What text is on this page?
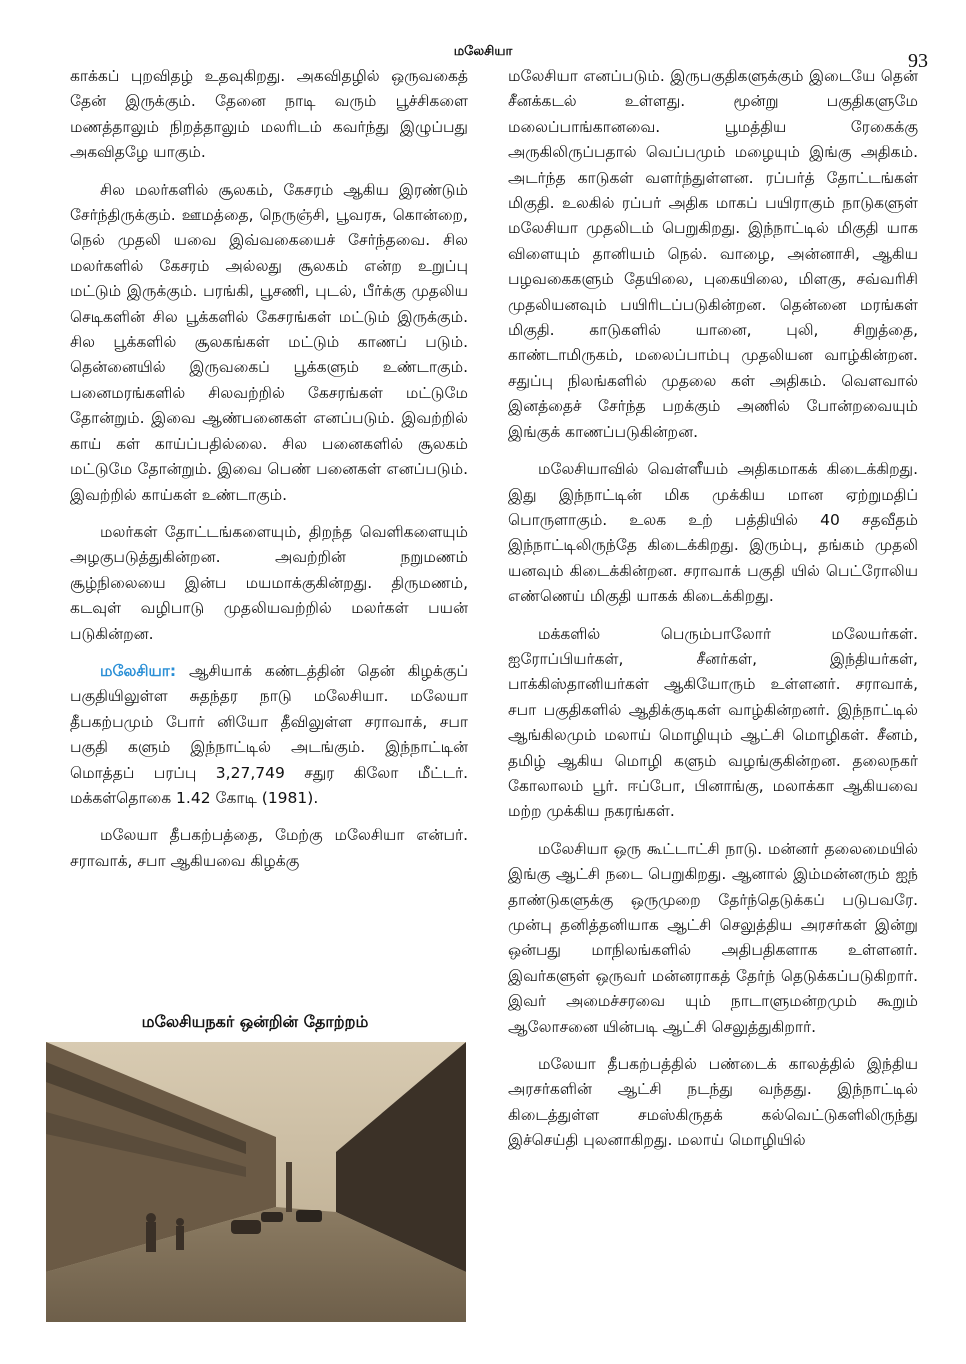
மலேசியா	93

காக்கப் புறவிதழ் உதவுகிறது. அகவிதழில் ஒருவகைத் தேன் இருக்கும். தேனை நாடி வரும் பூச்சிகளை மணத்தாலும் நிறத்தாலும் மலரிடம் கவர்ந்து இழுப்பது அகவிதழே யாகும்.

சில மலர்களில் சூலகம், கேசரம் ஆகிய இரண்டும் சேர்ந்திருக்கும். ஊமத்தை, நெருஞ்சி, பூவரசு, கொன்றை, நெல் முதலி யவை இவ்வகையைச் சேர்ந்தவை. சில மலர்களில் கேசரம் அல்லது சூலகம் என்ற உறுப்பு மட்டும் இருக்கும். பரங்கி, பூசணி, புடல், பீர்க்கு முதலிய செடிகளின் சில பூக்களில் கேசரங்கள் மட்டும் இருக்கும். சில பூக்களில் சூலகங்கள் மட்டும் காணப் படும். தென்னையில் இருவகைப் பூக்களும் உண்டாகும். பனைமரங்களில் சிலவற்றில் கேசரங்கள் மட்டுமே தோன்றும். இவை ஆண்பனைகள் எனப்படும். இவற்றில் காய் கள் காய்ப்பதில்லை. சில பனைகளில் சூலகம் மட்டுமே தோன்றும். இவை பெண் பனைகள் எனப்படும். இவற்றில் காய்கள் உண்டாகும்.

மலர்கள் தோட்டங்களையும், திறந்த வெளிகளையும் அழகுபடுத்துகின்றன. அவற்றின் நறுமணம் சூழ்நிலையை இன்ப மயமாக்குகின்றது. திருமணம், கடவுள் வழிபாடு முதலியவற்றில் மலர்கள் பயன் படுகின்றன.

மலேசியா: ஆசியாக் கண்டத்தின் தென் கிழக்குப் பகுதியிலுள்ள சுதந்தர நாடு மலேசியா. மலேயா தீபகற்பமும் போர் னியோ தீவிலுள்ள சராவாக், சபா பகுதி களும் இந்நாட்டில் அடங்கும். இந்நாட்டின் மொத்தப் பரப்பு 3,27,749 சதுர கிலோ மீட்டர். மக்கள்தொகை 1.42 கோடி (1981).

மலேயா தீபகற்பத்தை, மேற்கு மலேசியா என்பர். சராவாக், சபா ஆகியவை கிழக்கு

மலேசியநகர் ஒன்றின் தோற்றம்

மலேசியா எனப்படும். இருபகுதிகளுக்கும் இடையே தென் சீனக்கடல் உள்ளது. மூன்று பகுதிகளுமே மலைப்பாங்கானவை. பூமத்திய ரேகைக்கு அருகிலிருப்பதால் வெப்பமும் மழையும் இங்கு அதிகம். அடர்ந்த காடுகள் வளர்ந்துள்ளன. ரப்பர்த் தோட்டங்கள் மிகுதி. உலகில் ரப்பர் அதிக மாகப் பயிராகும் நாடுகளுள் மலேசியா முதலிடம் பெறுகிறது. இந்நாட்டில் மிகுதி யாக விளையும் தானியம் நெல். வாழை, அன்னாசி, ஆகிய பழவகைகளும் தேயிலை, புகையிலை, மிளகு, சவ்வரிசி முதலியனவும் பயிரிடப்படுகின்றன. தென்னை மரங்கள் மிகுதி. காடுகளில் யானை, புலி, சிறுத்தை, காண்டாமிருகம், மலைப்பாம்பு முதலியன வாழ்கின்றன. சதுப்பு நிலங்களில் முதலை கள் அதிகம். வௌவால் இனத்தைச் சேர்ந்த பறக்கும் அணில் போன்றவையும் இங்குக் காணப்படுகின்றன.

மலேசியாவில் வெள்ளீயம் அதிகமாகக் கிடைக்கிறது. இது இந்நாட்டின் மிக முக்கிய மான ஏற்றுமதிப் பொருளாகும். உலக உற் பத்தியில் 40 சதவீதம் இந்நாட்டிலிருந்தே கிடைக்கிறது. இரும்பு, தங்கம் முதலி யனவும் கிடைக்கின்றன. சராவாக் பகுதி யில் பெட்ரோலிய எண்ணெய் மிகுதி யாகக் கிடைக்கிறது.

மக்களில் பெரும்பாலோர் மலேயர்கள். ஐரோப்பியர்கள், சீனர்கள், இந்தியர்கள், பாக்கிஸ்தானியர்கள் ஆகியோரும் உள்ளனர். சராவாக், சபா பகுதிகளில் ஆதிக்குடிகள் வாழ்கின்றனர். இந்நாட்டில் ஆங்கிலமும் மலாய் மொழியும் ஆட்சி மொழிகள். சீனம், தமிழ் ஆகிய மொழி களும் வழங்குகின்றன. தலைநகர் கோலாலம் பூர். ஈப்போ, பினாங்கு, மலாக்கா ஆகியவை மற்ற முக்கிய நகரங்கள்.

மலேசியா ஒரு கூட்டாட்சி நாடு. மன்னர் தலைமையில் இங்கு ஆட்சி நடை பெறுகிறது. ஆனால் இம்மன்னரும் ஐந் தாண்டுகளுக்கு ஒருமுறை தேர்ந்தெடுக்கப் படுபவரே. முன்பு தனித்தனியாக ஆட்சி செலுத்திய அரசர்கள் இன்று ஒன்பது மாநிலங்களில் அதிபதிகளாக உள்ளனர். இவர்களுள் ஒருவர் மன்னராகத் தேர்ந் தெடுக்கப்படுகிறார். இவர் அமைச்சரவை யும் நாடாளுமன்றமும் கூறும் ஆலோசனை யின்படி ஆட்சி செலுத்துகிறார்.

மலேயா தீபகற்பத்தில் பண்டைக் காலத்தில் இந்திய அரசர்களின் ஆட்சி நடந்து வந்தது. இந்நாட்டில் கிடைத்துள்ள சமஸ்கிருதக் கல்வெட்டுகளிலிருந்து இச்செய்தி புலனாகிறது. மலாய் மொழியில்
